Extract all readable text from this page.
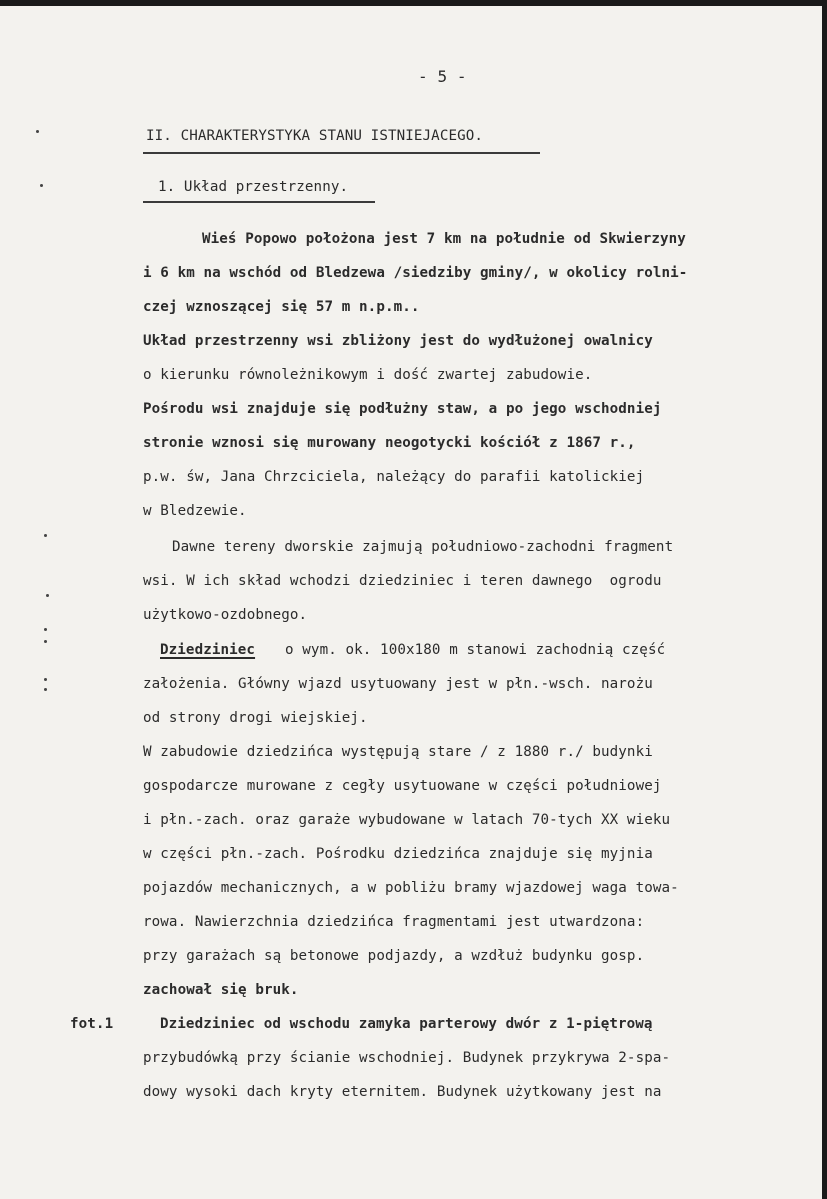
- 5 -
II. CHARAKTERYSTYKA STANU ISTNIEJACEGO.
1. Układ przestrzenny.
Wieś Popowo położona jest 7 km na południe od Skwierzyny
i 6 km na wschód od Bledzewa /siedziby gminy/, w okolicy rolni-
czej wznoszącej się 57 m n.p.m..
Układ przestrzenny wsi zbliżony jest do wydłużonej owalnicy
o kierunku równoleżnikowym i dość zwartej zabudowie.
Pośrodu wsi znajduje się podłużny staw, a po jego wschodniej
stronie wznosi się murowany neogotycki kościół z 1867 r.,
p.w. św, Jana Chrzciciela, należący do parafii katolickiej
w Bledzewie.
Dawne tereny dworskie zajmują południowo-zachodni fragment
wsi. W ich skład wchodzi dziedziniec i teren dawnego  ogrodu
użytkowo-ozdobnego.
Dziedziniec o wym. ok. 100x180 m stanowi zachodnią część
założenia. Główny wjazd usytuowany jest w płn.-wsch. narożu
od strony drogi wiejskiej.
W zabudowie dziedzińca występują stare / z 1880 r./ budynki
gospodarcze murowane z cegły usytuowane w części południowej
i płn.-zach. oraz garaże wybudowane w latach 70-tych XX wieku
w części płn.-zach. Pośrodku dziedzińca znajduje się myjnia
pojazdów mechanicznych, a w pobliżu bramy wjazdowej waga towa-
rowa. Nawierzchnia dziedzińca fragmentami jest utwardzona:
przy garażach są betonowe podjazdy, a wzdłuż budynku gosp.
zachował się bruk.
fot.1	Dziedziniec od wschodu zamyka parterowy dwór z 1-piętrową
przybudówką przy ścianie wschodniej. Budynek przykrywa 2-spa-
dowy wysoki dach kryty eternitem. Budynek użytkowany jest na
